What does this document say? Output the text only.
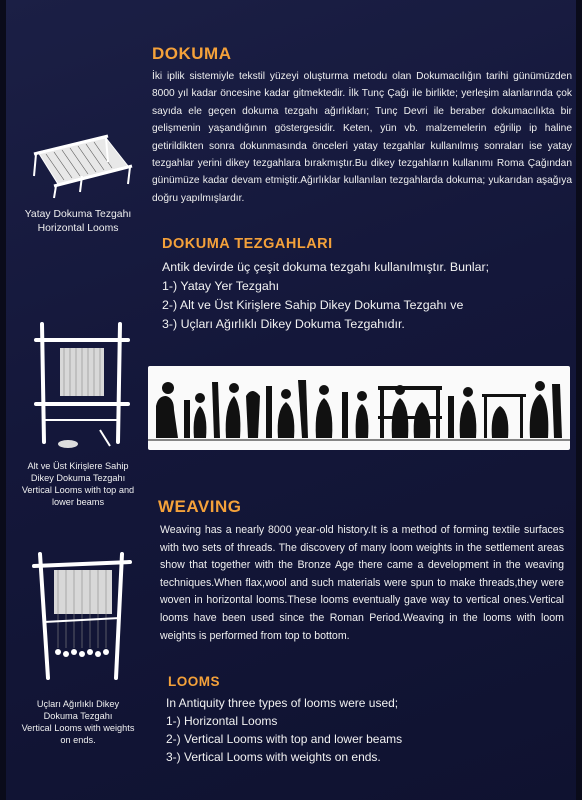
DOKUMA
İki iplik sistemiyle tekstil yüzeyi oluşturma metodu olan Dokumacılığın tarihi günümüzden 8000 yıl kadar öncesine kadar gitmektedir. İlk Tunç Çağı ile birlikte; yerleşim alanlarında çok sayıda ele geçen dokuma tezgahı ağırlıkları; Tunç Devri ile beraber dokumacılıkta bir gelişmenin yaşandığının göstergesidir. Keten, yün vb. malzemelerin eğrilip ip haline getirildikten sonra dokunmasında önceleri yatay tezgahlar kullanılmış sonraları ise yatay tezgahlar yerini dikey tezgahlara bırakmıştır.Bu dikey tezgahların kullanımı Roma Çağından günümüze kadar devam etmiştir.Ağırlıklar kullanılan tezgahlarda dokuma; yukarıdan aşağıya doğru yapılmışlardır.
Yatay Dokuma Tezgahı
Horizontal Looms
DOKUMA TEZGAHLARI
Antik devirde üç çeşit dokuma tezgahı kullanılmıştır. Bunlar;
1-) Yatay Yer Tezgahı
2-) Alt ve Üst Kirişlere Sahip Dikey Dokuma Tezgahı ve
3-) Uçları Ağırlıklı Dikey Dokuma Tezgahıdır.
Alt ve Üst Kirişlere Sahip
Dikey Dokuma Tezgahı
Vertical Looms with top and
lower beams	WEAVING
Weaving has a nearly 8000 year-old history.It is a method of forming textile surfaces with two sets of threads. The discovery of many loom weights in the settlement areas show that together with the Bronze Age there came a development in the weaving techniques.When flax,wool and such materials were spun to make threads,they were woven in horizontal looms.These looms eventually gave way to vertical ones.Vertical looms have been used since the Roman Period.Weaving in the looms with loom weights is performed from top to bottom.
Uçları Ağırlıklı Dikey
Dokuma Tezgahı
Vertical Looms with weights
on ends.
LOOMS
In Antiquity three types of looms were used;
1-) Horizontal Looms
2-) Vertical Looms with top and lower beams
3-) Vertical Looms with weights on ends.
